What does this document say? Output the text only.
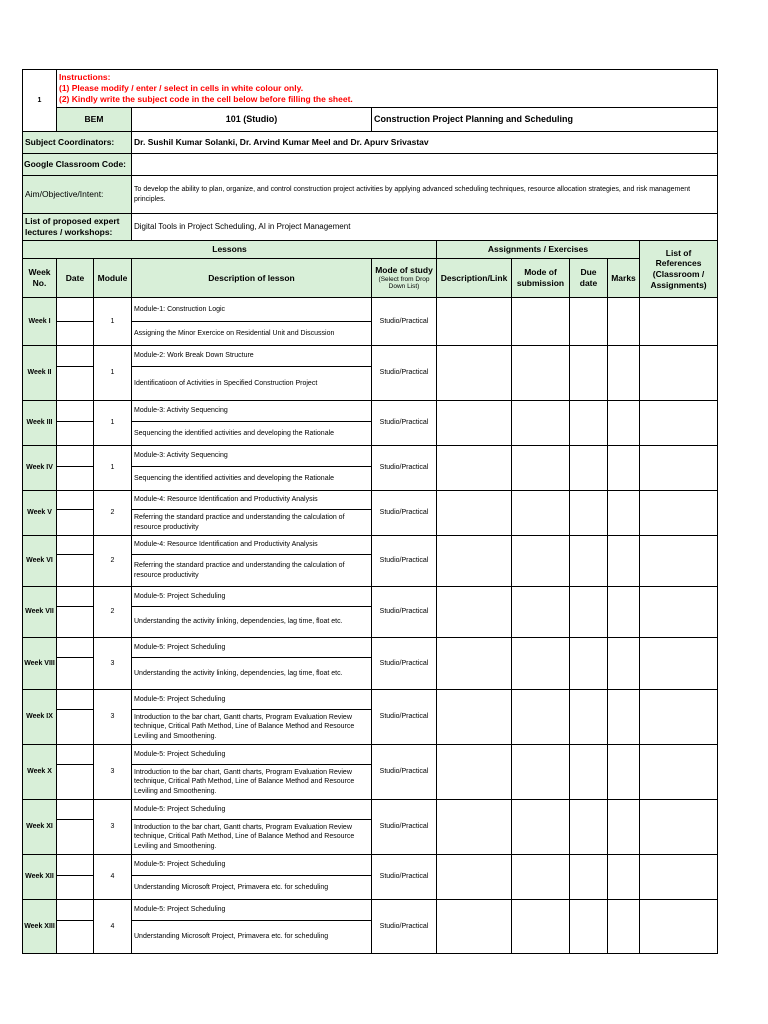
1	Instructions:
(1) Please modify / enter / select in cells in white colour only.
(2) Kindly write the subject code in the cell below before filling the sheet.								

	BEM		101 (Studio)	Construction Project Planning and Scheduling					
Subject Coordinators:			Dr. Sushil Kumar Solanki, Dr. Arvind Kumar Meel and Dr. Apurv Srivastav						
Google Classroom Code:									
Aim/Objective/Intent:			To develop the ability to plan, organize, and control construction project activities by applying advanced scheduling techniques, resource allocation strategies, and risk management principles.						
List of proposed expert lectures / workshops:			Digital Tools in Project Scheduling, AI in Project Management						
Lessons					Assignments / Exercises				List of References (Classroom / Assignments)
Week No.	Date	Module	Description of lesson	Mode of study
(Select from Drop Down List)	Description/Link	Mode of submission	Due date	Marks	
Week I		1	Module-1: Construction Logic	Studio/Practical					
			Assigning the Minor Exercice on Residential Unit and Discussion						
Week II		1	Module-2: Work Break Down Structure	Studio/Practical					
			Identificatioon of Activities in Specified Construction Project						
Week III		1	Module-3: Activity Sequencing	Studio/Practical					
			Sequencing the identified activities and developing the Rationale						
Week IV		1	Module-3: Activity Sequencing	Studio/Practical					
			Sequencing the identified activities and developing the Rationale						
Week V		2	Module-4: Resource Identification and Productivity Analysis	Studio/Practical					
			Referring the standard practice and understanding the calculation of resource productivity						
Week VI		2	Module-4: Resource Identification and Productivity Analysis	Studio/Practical					
			Referring the standard practice and understanding the calculation of resource productivity						
Week VII		2	Module-5: Project Scheduling	Studio/Practical					
			Understanding the activity linking, dependencies, lag time, float etc.						
Week VIII		3	Module-5: Project Scheduling	Studio/Practical					
			Understanding the activity linking, dependencies, lag time, float etc.						
Week IX		3	Module-5: Project Scheduling	Studio/Practical					
			Introduction to the bar chart, Gantt charts, Program Evaluation Review technique, Critical Path Method, Line of Balance Method and Resource Leviling and Smoothening.						
Week X		3	Module-5: Project Scheduling	Studio/Practical					
			Introduction to the bar chart, Gantt charts, Program Evaluation Review technique, Critical Path Method, Line of Balance Method and Resource Leviling and Smoothening.						
Week XI		3	Module-5: Project Scheduling	Studio/Practical					
			Introduction to the bar chart, Gantt charts, Program Evaluation Review technique, Critical Path Method, Line of Balance Method and Resource Leviling and Smoothening.						
Week XII		4	Module-5: Project Scheduling	Studio/Practical					
			Understanding Microsoft Project, Primavera etc. for scheduling						
Week XIII		4	Module-5: Project Scheduling	Studio/Practical					
			Understanding Microsoft Project, Primavera etc. for scheduling						
